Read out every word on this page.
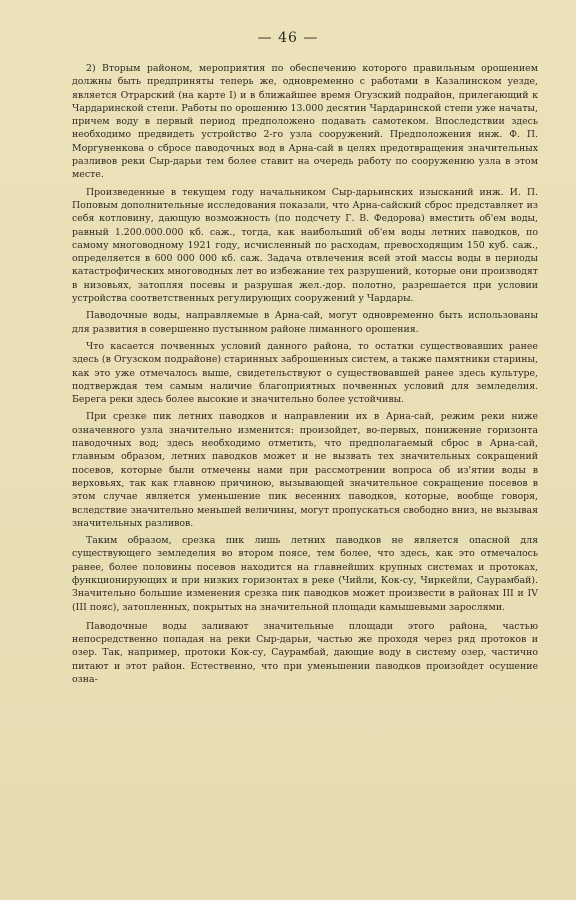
— 46 —

2) Вторым районом, мероприятия по обеспечению которого правильным орошением должны быть предприняты теперь же, одновременно с работами в Казалинском уезде, является Отрарский (на карте I) и в ближайшее время Огузский подрайон, прилегающий к Чардаринской степи. Работы по орошению 13.000 десятин Чардаринской степи уже начаты, причем воду в первый период предположено подавать самотеком. Впоследствии здесь необходимо предвидеть устройство 2-го узла сооружений. Предположения инж. Ф. П. Моргуненкова о сбросе паводочных вод в Арна-сай в целях предотвращения значительных разливов реки Сыр-дарьи тем более ставит на очередь работу по сооружению узла в этом месте.

Произведенные в текущем году начальником Сыр-дарьинских изысканий инж. И. П. Поповым дополнительные исследования показали, что Арна-сайский сброс представляет из себя котловину, дающую возможность (по подсчету Г. В. Федорова) вместить об'ем воды, равный 1.200.000.000 кб. саж., тогда, как наибольший об'ем воды летних паводков, по самому многоводному 1921 году, исчисленный по расходам, превосходящим 150 куб. саж., определяется в 600 000 000 кб. саж. Задача отвлечения всей этой массы воды в периоды катастрофических многоводных лет во избежание тех разрушений, которые они производят в низовьях, затопляя посевы и разрушая жел.-дор. полотно, разрешается при условии устройства соответственных регулирующих сооружений у Чардары.

Паводочные воды, направляемые в Арна-сай, могут одновременно быть использованы для развития в совершенно пустынном районе лиманного орошения.

Что касается почвенных условий данного района, то остатки существовавших ранее здесь (в Огузском подрайоне) старинных заброшенных систем, а также памятники старины, как это уже отмечалось выше, свидетельствуют о существовавшей ранее здесь культуре, подтверждая тем самым наличие благоприятных почвенных условий для земледелия. Берега реки здесь более высокие и значительно более устойчивы.

При срезке пик летних паводков и направлении их в Арна-сай, режим реки ниже означенного узла значительно изменится: произойдет, во-первых, понижение горизонта паводочных вод; здесь необходимо отметить, что предполагаемый сброс в Арна-сай, главным образом, летних паводков может и не вызвать тех значительных сокращений посевов, которые были отмечены нами при рассмотрении вопроса об из'ятии воды в верховьях, так как главною причиною, вызывающей значительное сокращение посевов в этом случае является уменьшение пик весенних паводков, которые, вообще говоря, вследствие значительно меньшей величины, могут пропускаться свободно вниз, не вызывая значительных разливов.

Таким образом, срезка пик лишь летних паводков не является опасной для существующего земледелия во втором поясе, тем более, что здесь, как это отмечалось ранее, более половины посевов находится на главнейших крупных системах и протоках, функционирующих и при низких горизонтах в реке (Чийли, Кок-су, Чиркейли, Саурамбай). Значительно большие изменения срезка пик паводков может произвести в районах III и IV (III пояс), затопленных, покрытых на значительной площади камышевыми зарослями.

Паводочные воды заливают значительные площади этого района, частью непосредственно попадая на реки Сыр-дарьи, частью же проходя через ряд протоков и озер. Так, например, протоки Кок-су, Саурамбай, дающие воду в систему озер, частично питают и этот район. Естественно, что при уменьшении паводков произойдет осушение озна-
